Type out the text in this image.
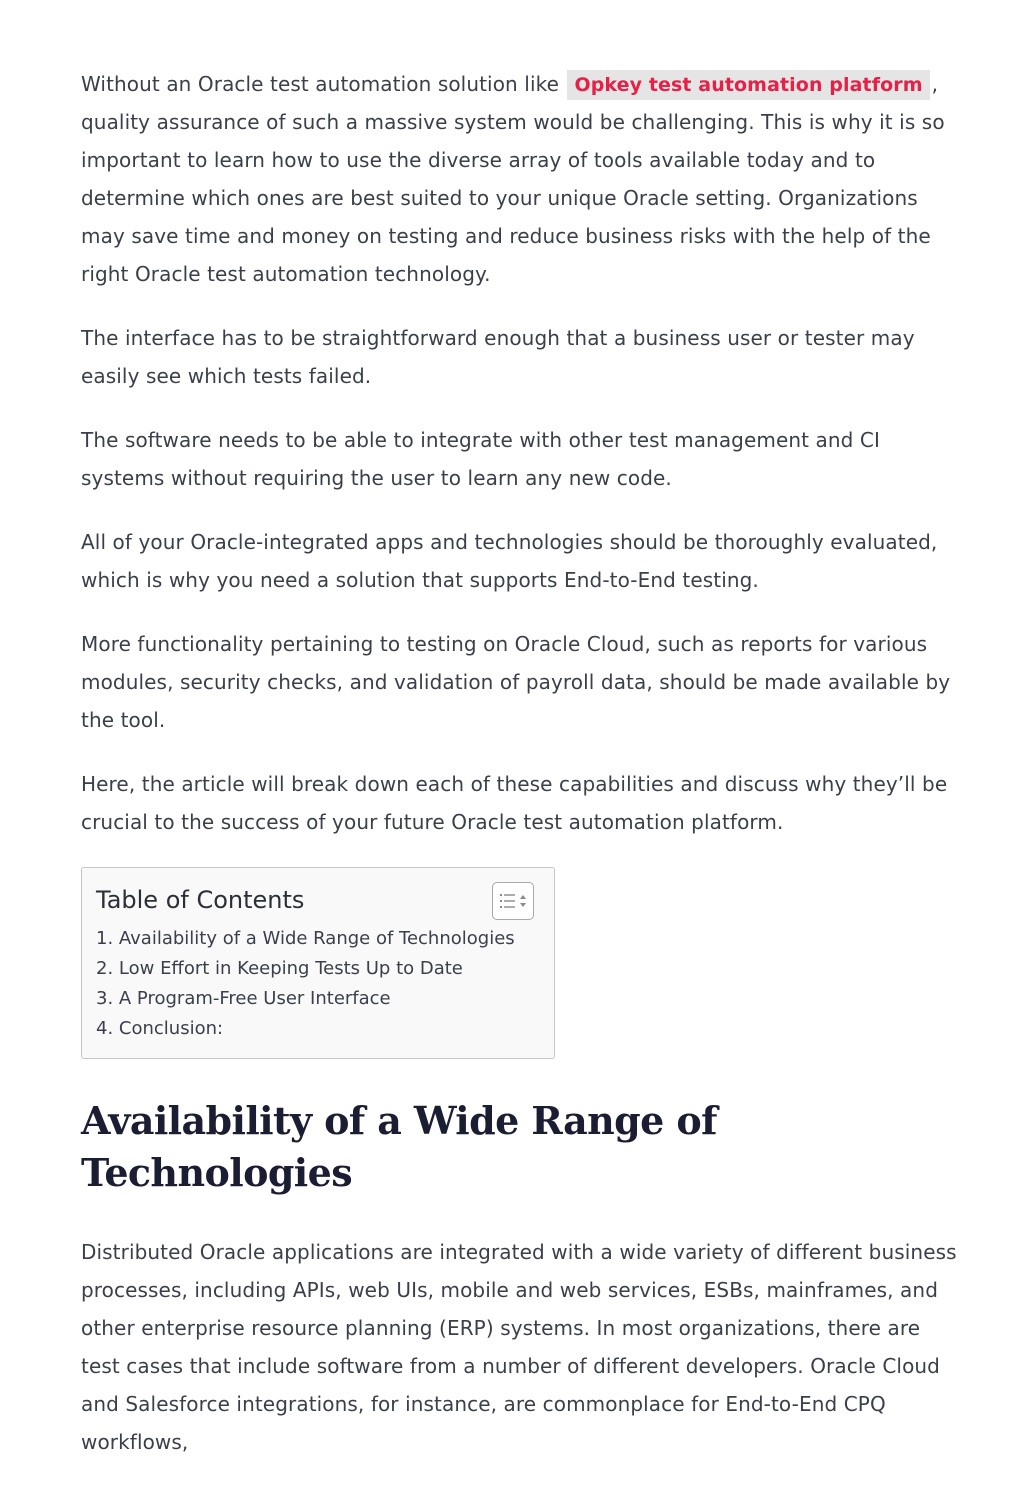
Without an Oracle test automation solution like Opkey test automation platform , quality assurance of such a massive system would be challenging. This is why it is so important to learn how to use the diverse array of tools available today and to determine which ones are best suited to your unique Oracle setting. Organizations may save time and money on testing and reduce business risks with the help of the right Oracle test automation technology.

The interface has to be straightforward enough that a business user or tester may easily see which tests failed.

The software needs to be able to integrate with other test management and CI systems without requiring the user to learn any new code.

All of your Oracle-integrated apps and technologies should be thoroughly evaluated, which is why you need a solution that supports End-to-End testing.

More functionality pertaining to testing on Oracle Cloud, such as reports for various modules, security checks, and validation of payroll data, should be made available by the tool.

Here, the article will break down each of these capabilities and discuss why they’ll be crucial to the success of your future Oracle test automation platform.

Table of Contents
1. Availability of a Wide Range of Technologies
2. Low Effort in Keeping Tests Up to Date
3. A Program-Free User Interface
4. Conclusion:
Availability of a Wide Range of Technologies

Distributed Oracle applications are integrated with a wide variety of different business processes, including APIs, web UIs, mobile and web services, ESBs, mainframes, and other enterprise resource planning (ERP) systems. In most organizations, there are test cases that include software from a number of different developers. Oracle Cloud and Salesforce integrations, for instance, are commonplace for End-to-End CPQ workflows,
